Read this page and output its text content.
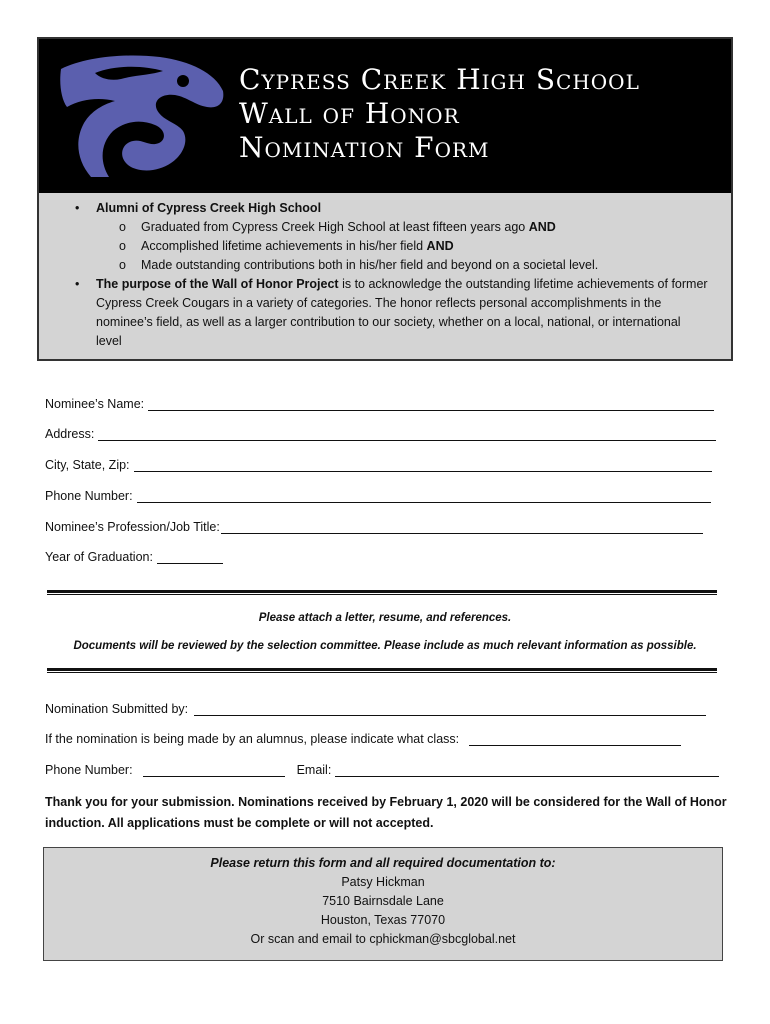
Cypress Creek High School
Wall of Honor
Nomination Form
• Alumni of Cypress Creek High School
o Graduated from Cypress Creek High School at least fifteen years ago AND
o Accomplished lifetime achievements in his/her field AND
o Made outstanding contributions both in his/her field and beyond on a societal level.
• The purpose of the Wall of Honor Project is to acknowledge the outstanding lifetime achievements of former Cypress Creek Cougars in a variety of categories. The honor reflects personal accomplishments in the nominee’s field, as well as a larger contribution to our society, whether on a local, national, or international level
Nominee’s Name:
Address:
City, State, Zip:
Phone Number:
Nominee’s Profession/Job Title:
Year of Graduation:
Please attach a letter, resume, and references.
Documents will be reviewed by the selection committee. Please include as much relevant information as possible.
Nomination Submitted by:
If the nomination is being made by an alumnus, please indicate what class:
Phone Number:	Email:
Thank you for your submission. Nominations received by February 1, 2020 will be considered for the Wall of Honor induction. All applications must be complete or will not accepted.
Please return this form and all required documentation to:
Patsy Hickman
7510 Bairnsdale Lane
Houston, Texas 77070
Or scan and email to cphickman@sbcglobal.net
